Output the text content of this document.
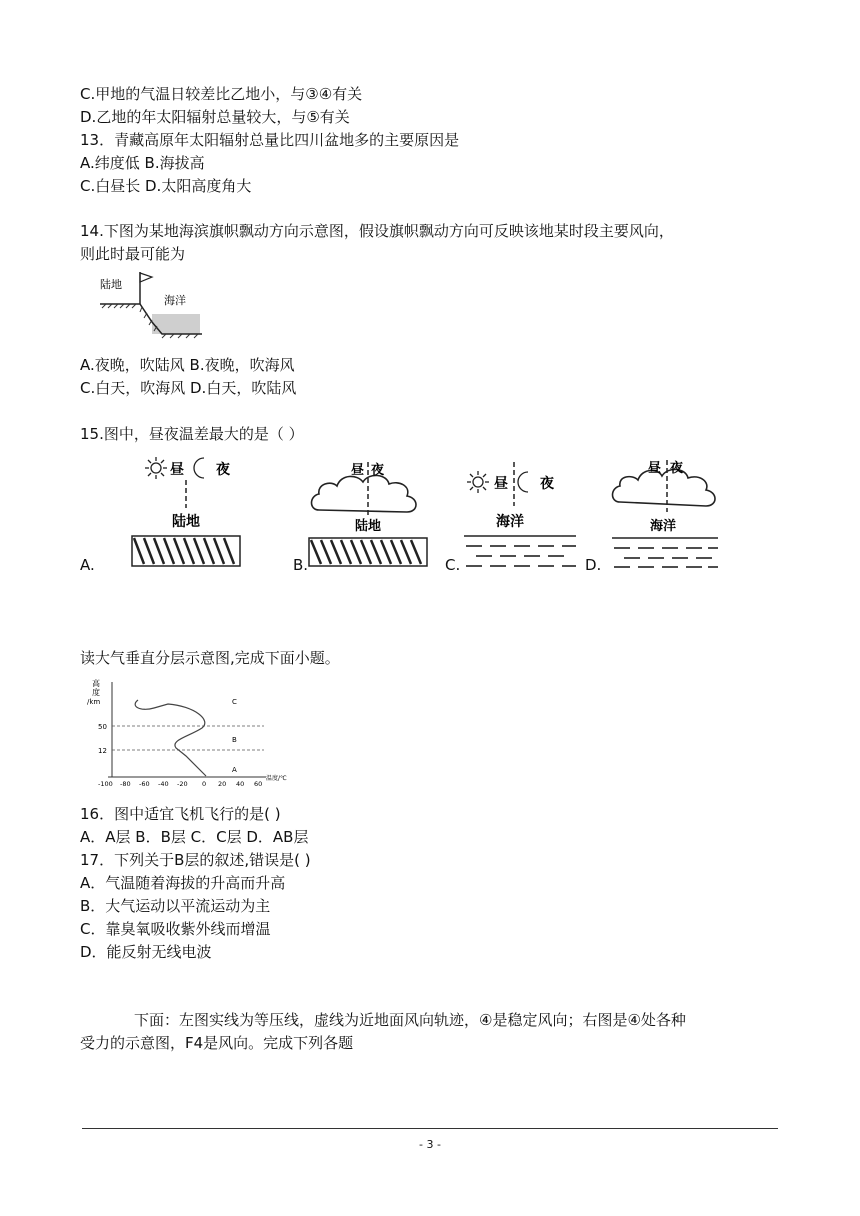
C.甲地的气温日较差比乙地小，与③④有关
D.乙地的年太阳辐射总量较大，与⑤有关
13．青藏高原年太阳辐射总量比四川盆地多的主要原因是
A.纬度低 B.海拔高
C.白昼长 D.太阳高度角大
14.下图为某地海滨旗帜飘动方向示意图，假设旗帜飘动方向可反映该地某时段主要风向，
则此时最可能为
陆地
海洋
A.夜晚，吹陆风 B.夜晚，吹海风
C.白天，吹海风 D.白天，吹陆风
15.图中，昼夜温差最大的是（ ）
A.	B.	C.	D.
昼 夜
陆地
昼 夜
陆地
昼 夜
海洋
昼 夜
海洋
读大气垂直分层示意图,完成下面小题。
高
度
/km
50
12
C
B
A
-100 -80 -60 -40 -20 0 20 40 60
温度/℃
16．图中适宜飞机飞行的是( )
A．A层 B．B层 C．C层 D．AB层
17．下列关于B层的叙述,错误是( )
A．气温随着海拔的升高而升高
B．大气运动以平流运动为主
C．靠臭氧吸收紫外线而增温
D．能反射无线电波
下面：左图实线为等压线，虚线为近地面风向轨迹，④是稳定风向；右图是④处各种
受力的示意图，F4是风向。完成下列各题
- 3 -
